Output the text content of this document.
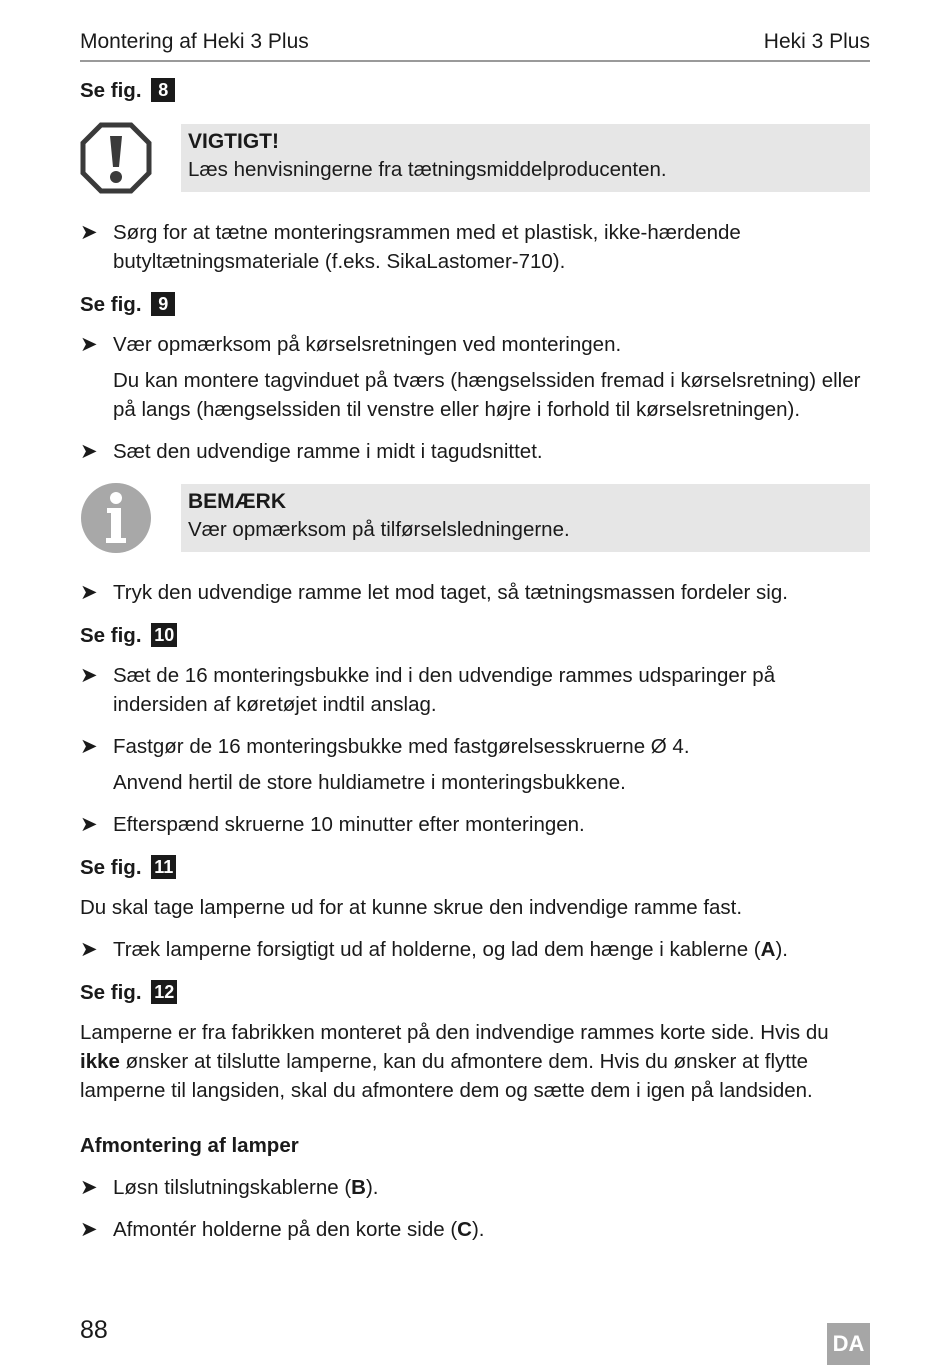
Montering af Heki 3 Plus	Heki 3 Plus
Se fig. 8
VIGTIGT!
Læs henvisningerne fra tætningsmiddelproducenten.
➤ Sørg for at tætne monteringsrammen med et plastisk, ikke-hærdende butyltætningsmateriale (f.eks. SikaLastomer-710).
Se fig. 9
➤ Vær opmærksom på kørselsretningen ved monteringen.
Du kan montere tagvinduet på tværs (hængselssiden fremad i kørselsretning) eller på langs (hængselssiden til venstre eller højre i forhold til kørselsretningen).
➤ Sæt den udvendige ramme i midt i tagudsnittet.
BEMÆRK
Vær opmærksom på tilførselsledningerne.
➤ Tryk den udvendige ramme let mod taget, så tætningsmassen fordeler sig.
Se fig. 10
➤ Sæt de 16 monteringsbukke ind i den udvendige rammes udsparinger på indersiden af køretøjet indtil anslag.
➤ Fastgør de 16 monteringsbukke med fastgørelsesskruerne Ø 4.
Anvend hertil de store huldiametre i monteringsbukkene.
➤ Efterspænd skruerne 10 minutter efter monteringen.
Se fig. 11
Du skal tage lamperne ud for at kunne skrue den indvendige ramme fast.
➤ Træk lamperne forsigtigt ud af holderne, og lad dem hænge i kablerne (A).
Se fig. 12
Lamperne er fra fabrikken monteret på den indvendige rammes korte side. Hvis du ikke ønsker at tilslutte lamperne, kan du afmontere dem. Hvis du ønsker at flytte lamperne til langsiden, skal du afmontere dem og sætte dem i igen på landsiden.
Afmontering af lamper
➤ Løsn tilslutningskablerne (B).
➤ Afmontér holderne på den korte side (C).
88	DA
